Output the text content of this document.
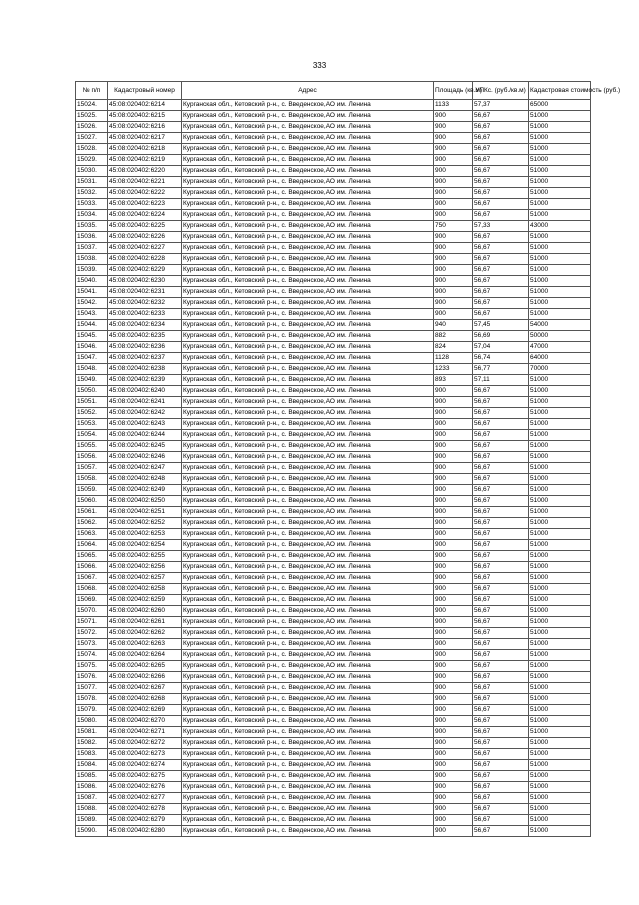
333
№ п/п	Кадастровый номер	Адрес	Площадь (кв.м)	УПКс. (руб./кв.м)	Кадастровая стоимость (руб.)
15024.	45:08:020402:6214	Курганская обл., Кетовский р-н., с. Введенское,АО им. Ленина	1133	57,37	65000
15025.	45:08:020402:6215	Курганская обл., Кетовский р-н., с. Введенское,АО им. Ленина	900	56,67	51000
15026.	45:08:020402:6216	Курганская обл., Кетовский р-н., с. Введенское,АО им. Ленина	900	56,67	51000
15027.	45:08:020402:6217	Курганская обл., Кетовский р-н., с. Введенское,АО им. Ленина	900	56,67	51000
15028.	45:08:020402:6218	Курганская обл., Кетовский р-н., с. Введенское,АО им. Ленина	900	56,67	51000
15029.	45:08:020402:6219	Курганская обл., Кетовский р-н., с. Введенское,АО им. Ленина	900	56,67	51000
15030.	45:08:020402:6220	Курганская обл., Кетовский р-н., с. Введенское,АО им. Ленина	900	56,67	51000
15031.	45:08:020402:6221	Курганская обл., Кетовский р-н., с. Введенское,АО им. Ленина	900	56,67	51000
15032.	45:08:020402:6222	Курганская обл., Кетовский р-н., с. Введенское,АО им. Ленина	900	56,67	51000
15033.	45:08:020402:6223	Курганская обл., Кетовский р-н., с. Введенское,АО им. Ленина	900	56,67	51000
15034.	45:08:020402:6224	Курганская обл., Кетовский р-н., с. Введенское,АО им. Ленина	900	56,67	51000
15035.	45:08:020402:6225	Курганская обл., Кетовский р-н., с. Введенское,АО им. Ленина	750	57,33	43000
15036.	45:08:020402:6226	Курганская обл., Кетовский р-н., с. Введенское,АО им. Ленина	900	56,67	51000
15037.	45:08:020402:6227	Курганская обл., Кетовский р-н., с. Введенское,АО им. Ленина	900	56,67	51000
15038.	45:08:020402:6228	Курганская обл., Кетовский р-н., с. Введенское,АО им. Ленина	900	56,67	51000
15039.	45:08:020402:6229	Курганская обл., Кетовский р-н., с. Введенское,АО им. Ленина	900	56,67	51000
15040.	45:08:020402:6230	Курганская обл., Кетовский р-н., с. Введенское,АО им. Ленина	900	56,67	51000
15041.	45:08:020402:6231	Курганская обл., Кетовский р-н., с. Введенское,АО им. Ленина	900	56,67	51000
15042.	45:08:020402:6232	Курганская обл., Кетовский р-н., с. Введенское,АО им. Ленина	900	56,67	51000
15043.	45:08:020402:6233	Курганская обл., Кетовский р-н., с. Введенское,АО им. Ленина	900	56,67	51000
15044.	45:08:020402:6234	Курганская обл., Кетовский р-н., с. Введенское,АО им. Ленина	940	57,45	54000
15045.	45:08:020402:6235	Курганская обл., Кетовский р-н., с. Введенское,АО им. Ленина	882	56,69	50000
15046.	45:08:020402:6236	Курганская обл., Кетовский р-н., с. Введенское,АО им. Ленина	824	57,04	47000
15047.	45:08:020402:6237	Курганская обл., Кетовский р-н., с. Введенское,АО им. Ленина	1128	56,74	64000
15048.	45:08:020402:6238	Курганская обл., Кетовский р-н., с. Введенское,АО им. Ленина	1233	56,77	70000
15049.	45:08:020402:6239	Курганская обл., Кетовский р-н., с. Введенское,АО им. Ленина	893	57,11	51000
15050.	45:08:020402:6240	Курганская обл., Кетовский р-н., с. Введенское,АО им. Ленина	900	56,67	51000
15051.	45:08:020402:6241	Курганская обл., Кетовский р-н., с. Введенское,АО им. Ленина	900	56,67	51000
15052.	45:08:020402:6242	Курганская обл., Кетовский р-н., с. Введенское,АО им. Ленина	900	56,67	51000
15053.	45:08:020402:6243	Курганская обл., Кетовский р-н., с. Введенское,АО им. Ленина	900	56,67	51000
15054.	45:08:020402:6244	Курганская обл., Кетовский р-н., с. Введенское,АО им. Ленина	900	56,67	51000
15055.	45:08:020402:6245	Курганская обл., Кетовский р-н., с. Введенское,АО им. Ленина	900	56,67	51000
15056.	45:08:020402:6246	Курганская обл., Кетовский р-н., с. Введенское,АО им. Ленина	900	56,67	51000
15057.	45:08:020402:6247	Курганская обл., Кетовский р-н., с. Введенское,АО им. Ленина	900	56,67	51000
15058.	45:08:020402:6248	Курганская обл., Кетовский р-н., с. Введенское,АО им. Ленина	900	56,67	51000
15059.	45:08:020402:6249	Курганская обл., Кетовский р-н., с. Введенское,АО им. Ленина	900	56,67	51000
15060.	45:08:020402:6250	Курганская обл., Кетовский р-н., с. Введенское,АО им. Ленина	900	56,67	51000
15061.	45:08:020402:6251	Курганская обл., Кетовский р-н., с. Введенское,АО им. Ленина	900	56,67	51000
15062.	45:08:020402:6252	Курганская обл., Кетовский р-н., с. Введенское,АО им. Ленина	900	56,67	51000
15063.	45:08:020402:6253	Курганская обл., Кетовский р-н., с. Введенское,АО им. Ленина	900	56,67	51000
15064.	45:08:020402:6254	Курганская обл., Кетовский р-н., с. Введенское,АО им. Ленина	900	56,67	51000
15065.	45:08:020402:6255	Курганская обл., Кетовский р-н., с. Введенское,АО им. Ленина	900	56,67	51000
15066.	45:08:020402:6256	Курганская обл., Кетовский р-н., с. Введенское,АО им. Ленина	900	56,67	51000
15067.	45:08:020402:6257	Курганская обл., Кетовский р-н., с. Введенское,АО им. Ленина	900	56,67	51000
15068.	45:08:020402:6258	Курганская обл., Кетовский р-н., с. Введенское,АО им. Ленина	900	56,67	51000
15069.	45:08:020402:6259	Курганская обл., Кетовский р-н., с. Введенское,АО им. Ленина	900	56,67	51000
15070.	45:08:020402:6260	Курганская обл., Кетовский р-н., с. Введенское,АО им. Ленина	900	56,67	51000
15071.	45:08:020402:6261	Курганская обл., Кетовский р-н., с. Введенское,АО им. Ленина	900	56,67	51000
15072.	45:08:020402:6262	Курганская обл., Кетовский р-н., с. Введенское,АО им. Ленина	900	56,67	51000
15073.	45:08:020402:6263	Курганская обл., Кетовский р-н., с. Введенское,АО им. Ленина	900	56,67	51000
15074.	45:08:020402:6264	Курганская обл., Кетовский р-н., с. Введенское,АО им. Ленина	900	56,67	51000
15075.	45:08:020402:6265	Курганская обл., Кетовский р-н., с. Введенское,АО им. Ленина	900	56,67	51000
15076.	45:08:020402:6266	Курганская обл., Кетовский р-н., с. Введенское,АО им. Ленина	900	56,67	51000
15077.	45:08:020402:6267	Курганская обл., Кетовский р-н., с. Введенское,АО им. Ленина	900	56,67	51000
15078.	45:08:020402:6268	Курганская обл., Кетовский р-н., с. Введенское,АО им. Ленина	900	56,67	51000
15079.	45:08:020402:6269	Курганская обл., Кетовский р-н., с. Введенское,АО им. Ленина	900	56,67	51000
15080.	45:08:020402:6270	Курганская обл., Кетовский р-н., с. Введенское,АО им. Ленина	900	56,67	51000
15081.	45:08:020402:6271	Курганская обл., Кетовский р-н., с. Введенское,АО им. Ленина	900	56,67	51000
15082.	45:08:020402:6272	Курганская обл., Кетовский р-н., с. Введенское,АО им. Ленина	900	56,67	51000
15083.	45:08:020402:6273	Курганская обл., Кетовский р-н., с. Введенское,АО им. Ленина	900	56,67	51000
15084.	45:08:020402:6274	Курганская обл., Кетовский р-н., с. Введенское,АО им. Ленина	900	56,67	51000
15085.	45:08:020402:6275	Курганская обл., Кетовский р-н., с. Введенское,АО им. Ленина	900	56,67	51000
15086.	45:08:020402:6276	Курганская обл., Кетовский р-н., с. Введенское,АО им. Ленина	900	56,67	51000
15087.	45:08:020402:6277	Курганская обл., Кетовский р-н., с. Введенское,АО им. Ленина	900	56,67	51000
15088.	45:08:020402:6278	Курганская обл., Кетовский р-н., с. Введенское,АО им. Ленина	900	56,67	51000
15089.	45:08:020402:6279	Курганская обл., Кетовский р-н., с. Введенское,АО им. Ленина	900	56,67	51000
15090.	45:08:020402:6280	Курганская обл., Кетовский р-н., с. Введенское,АО им. Ленина	900	56,67	51000
